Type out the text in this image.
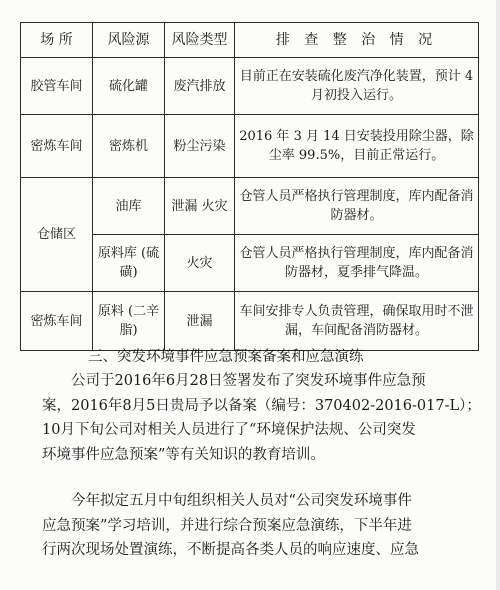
场 所	风险源	风险类型	排 查 整 治 情 况
胶管车间	硫化罐	废汽排放	目前正在安装硫化废汽净化装置，预计 4 月初投入运行。
密炼车间	密炼机	粉尘污染	2016 年 3 月 14 日安装投用除尘器，除尘率 99.5%，目前正常运行。
仓储区	油库	泄漏 火灾	仓管人员严格执行管理制度，库内配备消防器材。
	原料库 (硫磺)	火灾	仓管人员严格执行管理制度，库内配备消防器材，夏季排气降温。
密炼车间	原料 (二辛脂)	泄漏	车间安排专人负责管理，确保取用时不泄漏，车间配备消防器材。
三、突发环境事件应急预案备案和应急演练
公司于2016年6月28日签署发布了突发环境事件应急预
案，2016年8月5日贵局予以备案（编号：370402-2016-017-L）；
10月下旬公司对相关人员进行了“环境保护法规、公司突发
环境事件应急预案”等有关知识的教育培训。
今年拟定五月中旬组织相关人员对“公司突发环境事件
应急预案”学习培训，并进行综合预案应急演练，下半年进
行两次现场处置演练，不断提高各类人员的响应速度、应急
